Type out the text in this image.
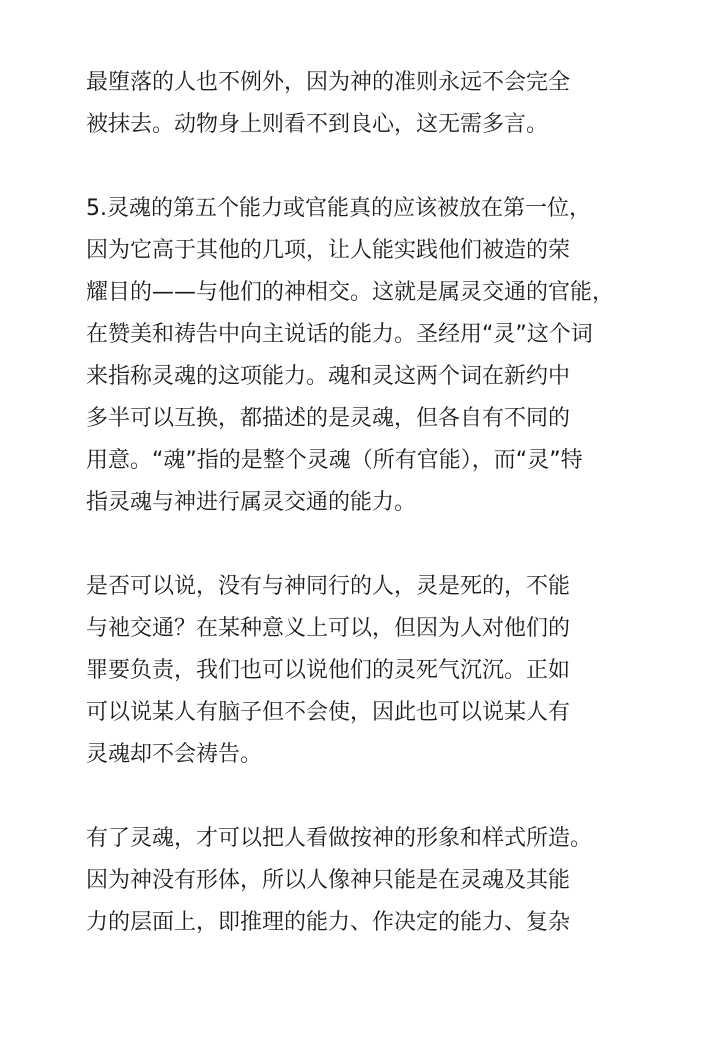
最堕落的人也不例外，因为神的准则永远不会完全
被抹去。动物身上则看不到良心，这无需多言。
5.灵魂的第五个能力或官能真的应该被放在第一位，
因为它高于其他的几项，让人能实践他们被造的荣
耀目的——与他们的神相交。这就是属灵交通的官能，
在赞美和祷告中向主说话的能力。圣经用“灵”这个词
来指称灵魂的这项能力。魂和灵这两个词在新约中
多半可以互换，都描述的是灵魂，但各自有不同的
用意。“魂”指的是整个灵魂（所有官能），而“灵”特
指灵魂与神进行属灵交通的能力。
是否可以说，没有与神同行的人，灵是死的，不能
与祂交通？在某种意义上可以，但因为人对他们的
罪要负责，我们也可以说他们的灵死气沉沉。正如
可以说某人有脑子但不会使，因此也可以说某人有
灵魂却不会祷告。
有了灵魂，才可以把人看做按神的形象和样式所造。
因为神没有形体，所以人像神只能是在灵魂及其能
力的层面上，即推理的能力、作决定的能力、复杂
